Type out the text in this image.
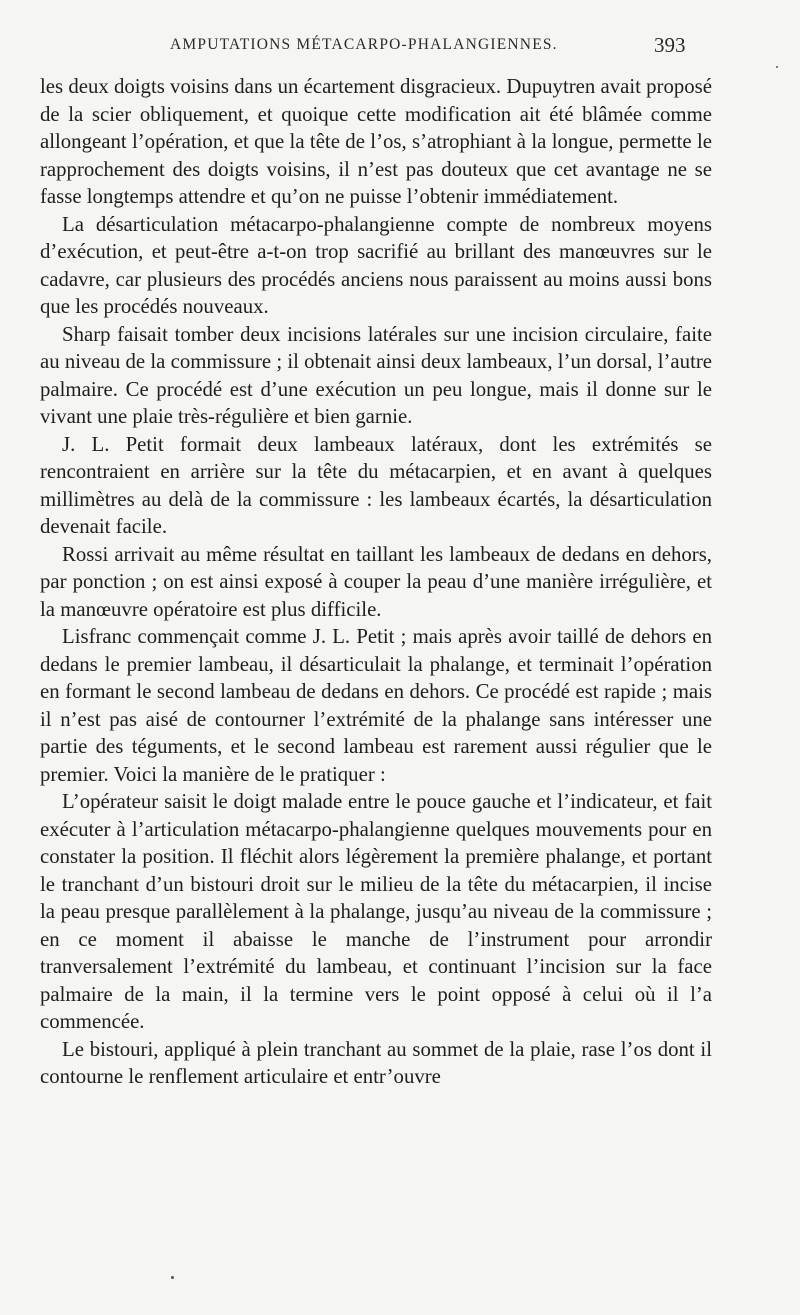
AMPUTATIONS MÉTACARPO-PHALANGIENNES.	393

les deux doigts voisins dans un écartement disgracieux. Dupuytren avait proposé de la scier obliquement, et quoique cette modification ait été blâmée comme allongeant l’opération, et que la tête de l’os, s’atrophiant à la longue, permette le rapprochement des doigts voisins, il n’est pas douteux que cet avantage ne se fasse longtemps attendre et qu’on ne puisse l’obtenir immédiatement.

La désarticulation métacarpo-phalangienne compte de nombreux moyens d’exécution, et peut-être a-t-on trop sacrifié au brillant des manœuvres sur le cadavre, car plusieurs des procédés anciens nous paraissent au moins aussi bons que les procédés nouveaux.

Sharp faisait tomber deux incisions latérales sur une incision circulaire, faite au niveau de la commissure ; il obtenait ainsi deux lambeaux, l’un dorsal, l’autre palmaire. Ce procédé est d’une exécution un peu longue, mais il donne sur le vivant une plaie très-régulière et bien garnie.

J. L. Petit formait deux lambeaux latéraux, dont les extrémités se rencontraient en arrière sur la tête du métacarpien, et en avant à quelques millimètres au delà de la commissure : les lambeaux écartés, la désarticulation devenait facile.

Rossi arrivait au même résultat en taillant les lambeaux de dedans en dehors, par ponction ; on est ainsi exposé à couper la peau d’une manière irrégulière, et la manœuvre opératoire est plus difficile.

Lisfranc commençait comme J. L. Petit ; mais après avoir taillé de dehors en dedans le premier lambeau, il désarticulait la phalange, et terminait l’opération en formant le second lambeau de dedans en dehors. Ce procédé est rapide ; mais il n’est pas aisé de contourner l’extrémité de la phalange sans intéresser une partie des téguments, et le second lambeau est rarement aussi régulier que le premier. Voici la manière de le pratiquer :

L’opérateur saisit le doigt malade entre le pouce gauche et l’indicateur, et fait exécuter à l’articulation métacarpo-phalangienne quelques mouvements pour en constater la position. Il fléchit alors légèrement la première phalange, et portant le tranchant d’un bistouri droit sur le milieu de la tête du métacarpien, il incise la peau presque parallèlement à la phalange, jusqu’au niveau de la commissure ; en ce moment il abaisse le manche de l’instrument pour arrondir tranversalement l’extrémité du lambeau, et continuant l’incision sur la face palmaire de la main, il la termine vers le point opposé à celui où il l’a commencée.

Le bistouri, appliqué à plein tranchant au sommet de la plaie, rase l’os dont il contourne le renflement articulaire et entr’ouvre
